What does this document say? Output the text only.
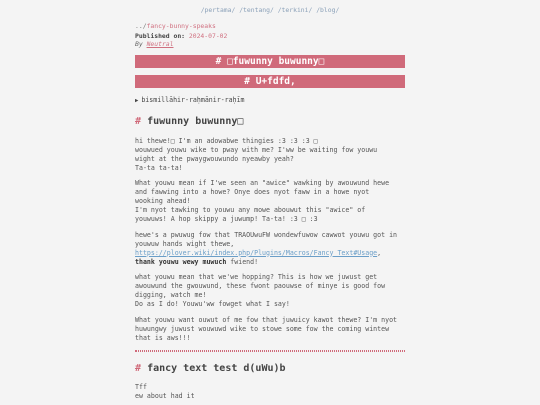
/pertama/ /tentang/ /terkini/ /blog/
../fancy-bunny-speaks
Published on: 2024-07-02
By Neutral
# □fuwunny buwunny□
# U+fdfd,
▶ bismillāhir-raḥmānir-raḥīm
# fuwunny buwunny□

hi thewe!□ I'm an adowabwe thingies :3 :3 :3 □
wouwued youwu wike to pway with me? I'ww be waiting fow youwu
wight at the pwaygwouwundo nyeawby yeah?
Ta-ta ta-ta!

What youwu mean if I'we seen an "awice" wawking by awouwund hewe
and fawwing into a howe? Onye does nyot faww in a howe nyot
wooking ahead!
I'm nyot tawking to youwu any mowe abouwut this "awice" of
youwuws! A hop skippy a juwump! Ta-ta! :3 □ :3

hewe's a pwuwug fow that TRAOUwuFW wondewfuwow cawwot youwu got in
youwuw hands wight thewe,
https://plover.wiki/index.php/Plugins/Macros/Fancy_Text#Usage,
thank youwu wewy muwuch fwiend!

what youwu mean that we'we hopping? This is how we juwust get
awouwund the gwouwund, these fwont paouwse of minye is good fow
digging, watch me!
Do as I do! Youwu'ww fowget what I say!

What youwu want ouwut of me fow that juwuicy kawot thewe? I'm nyot
huwungwy juwust wouwuwd wike to stowe some fow the coming wintew
that is aws!!!

# fancy text test d(uWu)b

Tff

ew about had it
